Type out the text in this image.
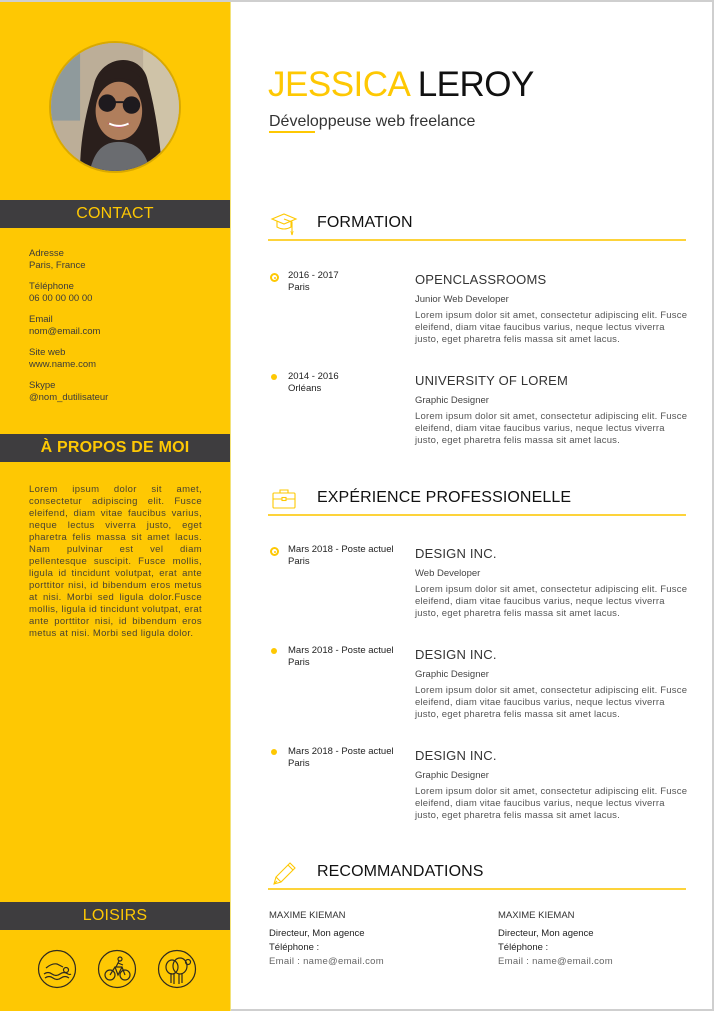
CONTACT
Adresse
Paris, France
Téléphone
06 00 00 00 00
Email
nom@email.com
Site web
www.name.com
Skype
@nom_dutilisateur
À PROPOS DE MOI
Lorem ipsum dolor sit amet, consectetur adipiscing elit. Fusce eleifend, diam vitae faucibus varius, neque lectus viverra justo, eget pharetra felis massa sit amet lacus. Nam pulvinar est vel diam pellentesque suscipit. Fusce mollis, ligula id tincidunt volutpat, erat ante porttitor nisi, id bibendum eros metus at nisi. Morbi sed ligula dolor.Fusce mollis, ligula id tincidunt volutpat, erat ante porttitor nisi, id bibendum eros metus at nisi. Morbi sed ligula dolor.
LOISIRS
JESSICA LEROY
Développeuse web freelance
FORMATION
2016 - 2017
Paris
OPENCLASSROOMS
Junior Web Developer
Lorem ipsum dolor sit amet, consectetur adipiscing elit. Fusce eleifend, diam vitae faucibus varius, neque lectus viverra justo, eget pharetra felis massa sit amet lacus.
2014 - 2016
Orléans
UNIVERSITY OF LOREM
Graphic Designer
Lorem ipsum dolor sit amet, consectetur adipiscing elit. Fusce eleifend, diam vitae faucibus varius, neque lectus viverra justo, eget pharetra felis massa sit amet lacus.
EXPÉRIENCE PROFESSIONELLE
Mars 2018 - Poste actuel
Paris
DESIGN INC.
Web Developer
Lorem ipsum dolor sit amet, consectetur adipiscing elit. Fusce eleifend, diam vitae faucibus varius, neque lectus viverra justo, eget pharetra felis massa sit amet lacus.
Mars 2018 - Poste actuel
Paris
DESIGN INC.
Graphic Designer
Lorem ipsum dolor sit amet, consectetur adipiscing elit. Fusce eleifend, diam vitae faucibus varius, neque lectus viverra justo, eget pharetra felis massa sit amet lacus.
Mars 2018 - Poste actuel
Paris
DESIGN INC.
Graphic Designer
Lorem ipsum dolor sit amet, consectetur adipiscing elit. Fusce eleifend, diam vitae faucibus varius, neque lectus viverra justo, eget pharetra felis massa sit amet lacus.
RECOMMANDATIONS
MAXIME KIEMAN
Directeur, Mon agence
Téléphone :
Email : name@email.com
MAXIME KIEMAN
Directeur, Mon agence
Téléphone :
Email : name@email.com
